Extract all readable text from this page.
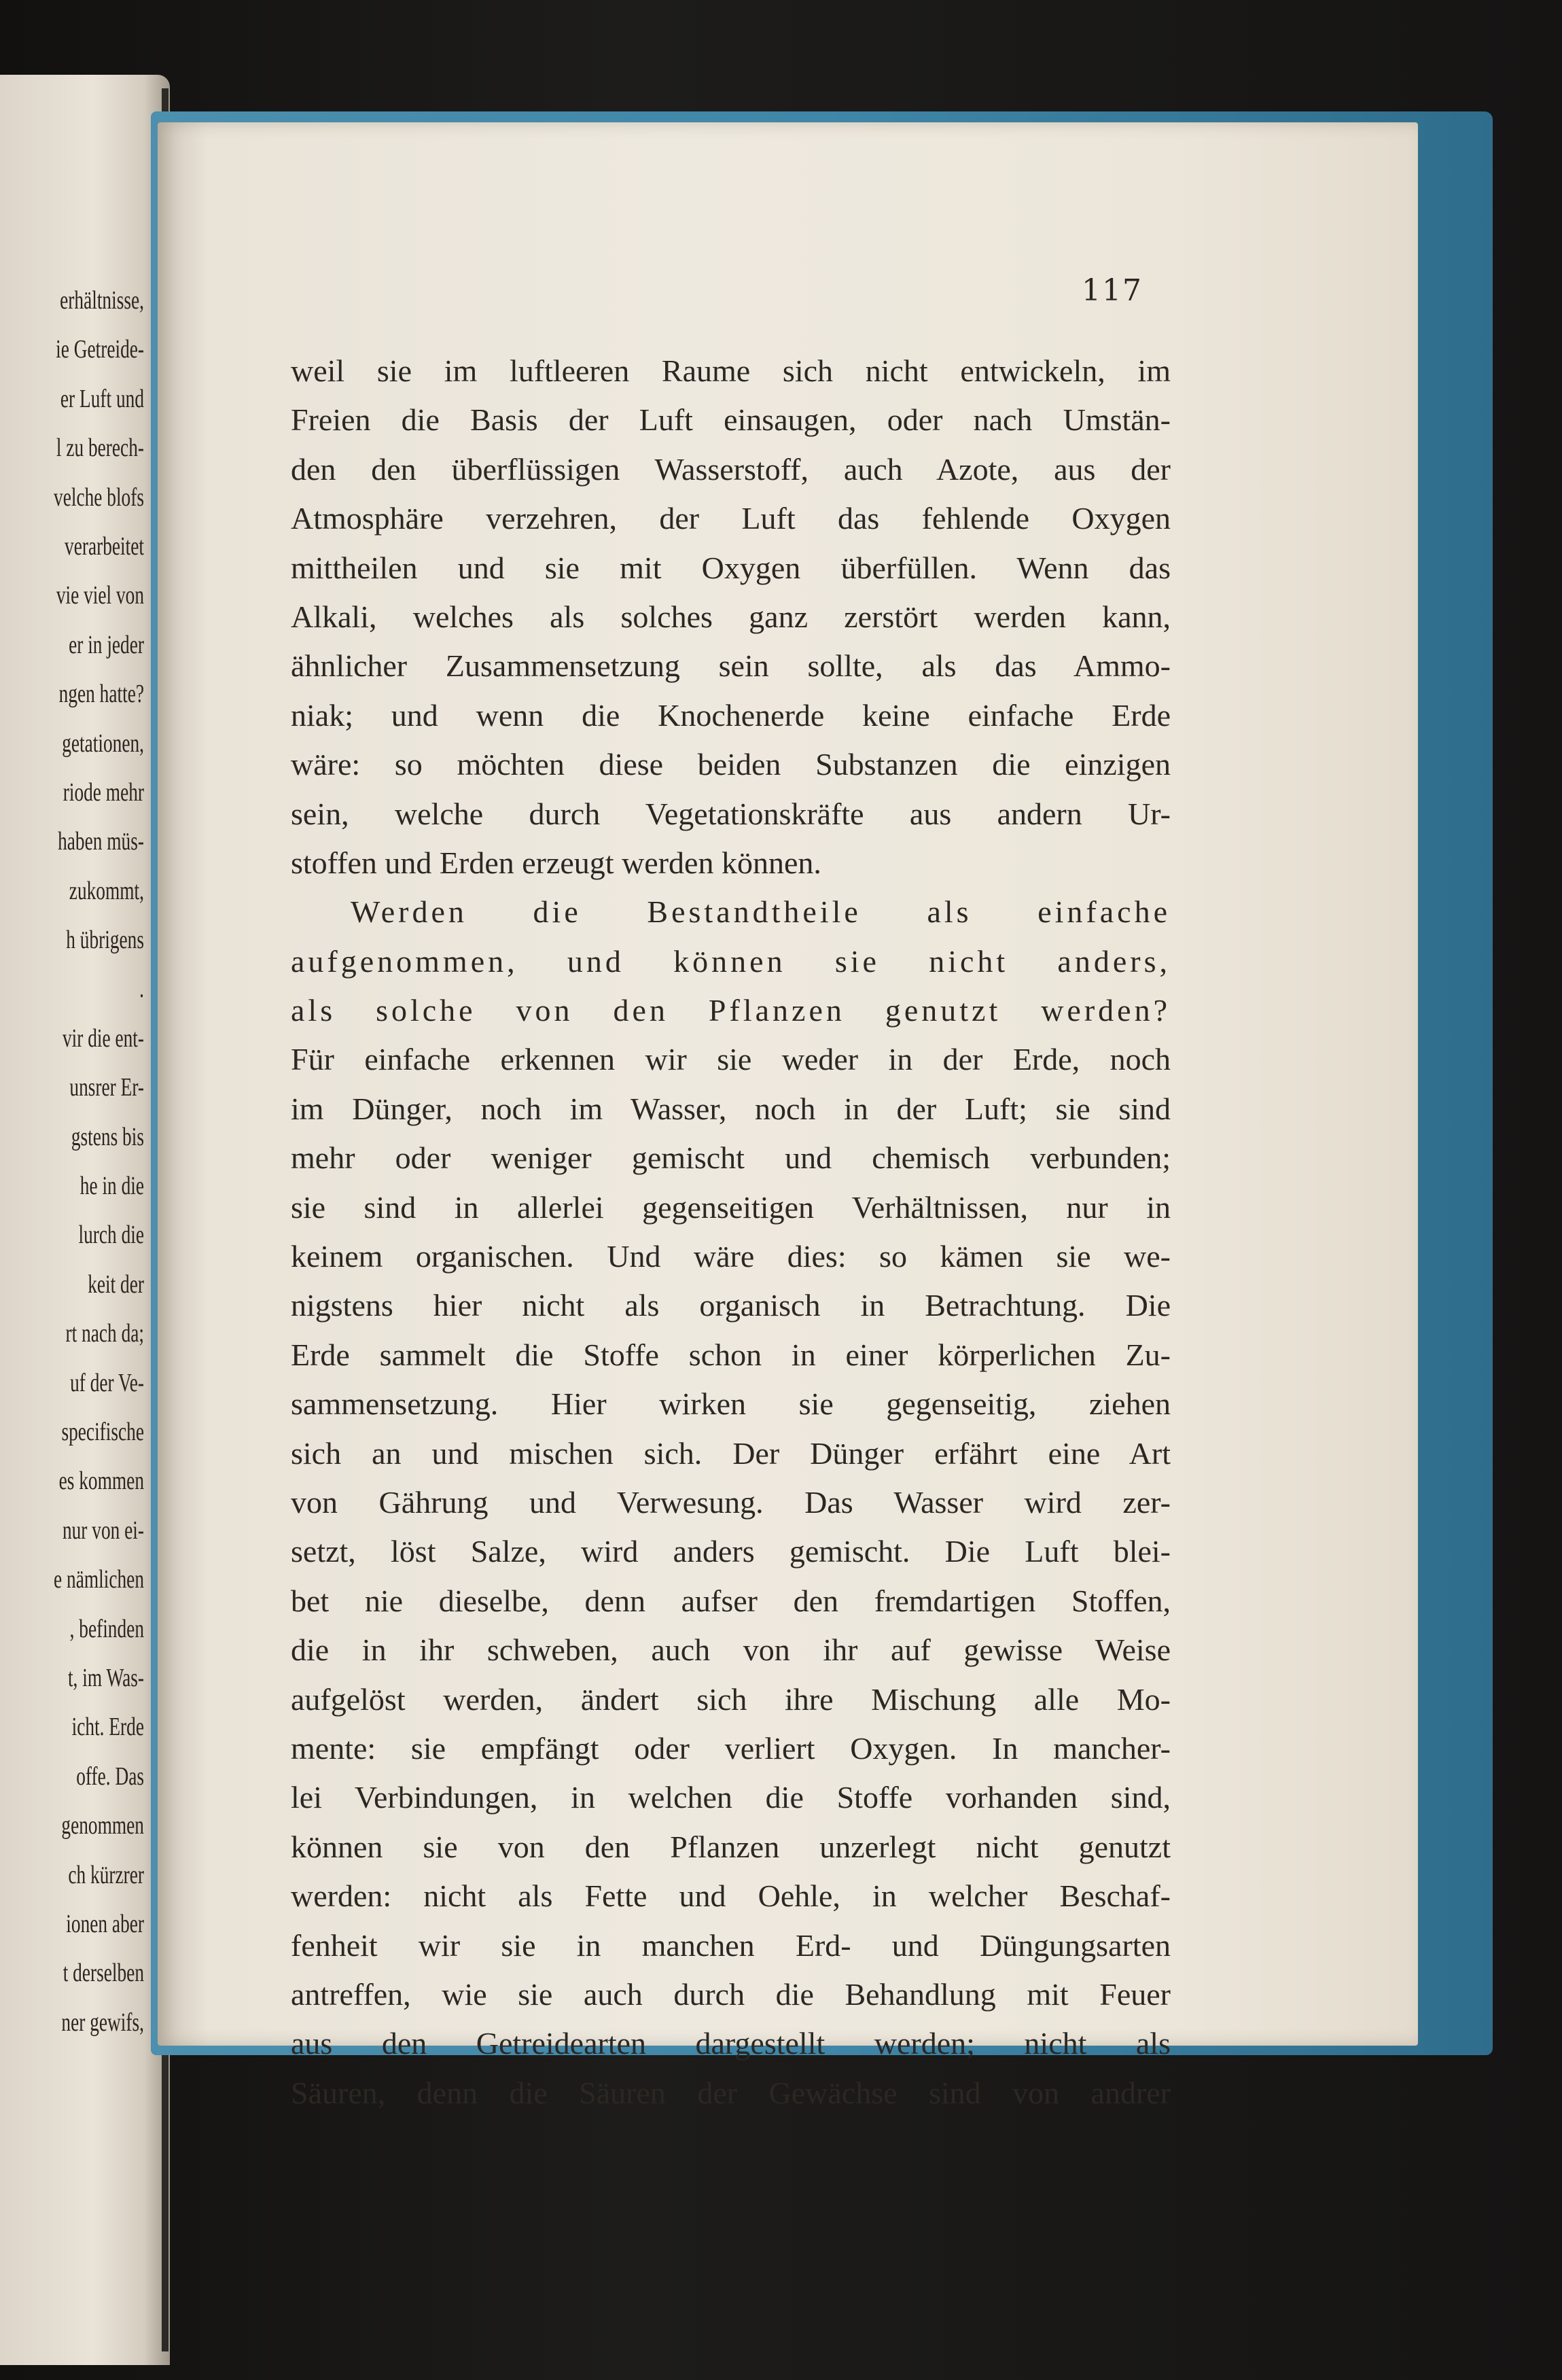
erhältnisse,
ie Getreide-
er Luft und
l zu berech-
velche blofs
verarbeitet
vie viel von
er in jeder
ngen hatte?
getationen,
riode mehr
haben müs-
zukommt,
h übrigens
.
vir die ent-
unsrer Er-
gstens bis
he in die
lurch die
keit der
rt nach da;
uf der Ve-
specifische
es kommen
nur von ei-
e nämlichen
, befinden
t, im Was-
icht. Erde
offe. Das
genommen
ch kürzrer
ionen aber
t derselben
ner gewifs,
117
weil sie im luftleeren Raume sich nicht entwickeln, im
Freien die Basis der Luft einsaugen, oder nach Umstän-
den den überflüssigen Wasserstoff, auch Azote, aus der
Atmosphäre verzehren, der Luft das fehlende Oxygen
mittheilen und sie mit Oxygen überfüllen. Wenn das
Alkali, welches als solches ganz zerstört werden kann,
ähnlicher Zusammensetzung sein sollte, als das Ammo-
niak; und wenn die Knochenerde keine einfache Erde
wäre: so möchten diese beiden Substanzen die einzigen
sein, welche durch Vegetationskräfte aus andern Ur-
stoffen und Erden erzeugt werden können.
Werden die Bestandtheile als einfache
aufgenommen, und können sie nicht anders,
als solche von den Pflanzen genutzt werden?
Für einfache erkennen wir sie weder in der Erde, noch
im Dünger, noch im Wasser, noch in der Luft; sie sind
mehr oder weniger gemischt und chemisch verbunden;
sie sind in allerlei gegenseitigen Verhältnissen, nur in
keinem organischen. Und wäre dies: so kämen sie we-
nigstens hier nicht als organisch in Betrachtung. Die
Erde sammelt die Stoffe schon in einer körperlichen Zu-
sammensetzung. Hier wirken sie gegenseitig, ziehen
sich an und mischen sich. Der Dünger erfährt eine Art
von Gährung und Verwesung. Das Wasser wird zer-
setzt, löst Salze, wird anders gemischt. Die Luft blei-
bet nie dieselbe, denn aufser den fremdartigen Stoffen,
die in ihr schweben, auch von ihr auf gewisse Weise
aufgelöst werden, ändert sich ihre Mischung alle Mo-
mente: sie empfängt oder verliert Oxygen. In mancher-
lei Verbindungen, in welchen die Stoffe vorhanden sind,
können sie von den Pflanzen unzerlegt nicht genutzt
werden: nicht als Fette und Oehle, in welcher Beschaf-
fenheit wir sie in manchen Erd- und Düngungsarten
antreffen, wie sie auch durch die Behandlung mit Feuer
aus den Getreidearten dargestellt werden; nicht als
Säuren, denn die Säuren der Gewächse sind von andrer
